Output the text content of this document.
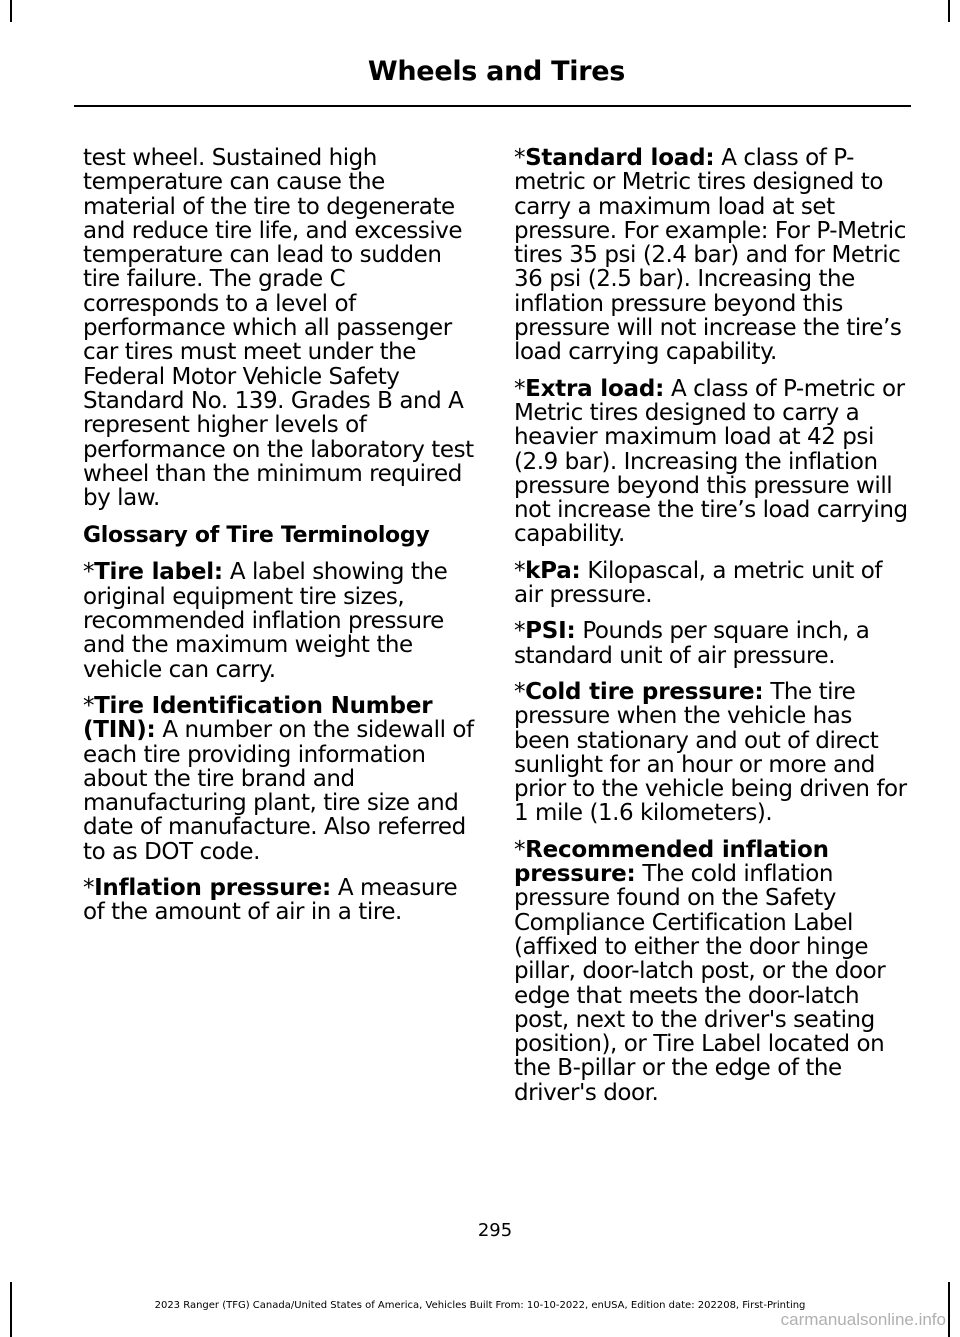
Wheels and Tires

test wheel. Sustained high temperature can cause the material of the tire to degenerate and reduce tire life, and excessive temperature can lead to sudden tire failure. The grade C corresponds to a level of performance which all passenger car tires must meet under the Federal Motor Vehicle Safety Standard No. 139. Grades B and A represent higher levels of performance on the laboratory test wheel than the minimum required by law.

Glossary of Tire Terminology

*Tire label: A label showing the original equipment tire sizes, recommended inflation pressure and the maximum weight the vehicle can carry.

*Tire Identification Number (TIN): A number on the sidewall of each tire providing information about the tire brand and manufacturing plant, tire size and date of manufacture. Also referred to as DOT code.

*Inflation pressure: A measure of the amount of air in a tire.

*Standard load: A class of P-metric or Metric tires designed to carry a maximum load at set pressure. For example: For P-Metric tires 35 psi (2.4 bar) and for Metric 36 psi (2.5 bar). Increasing the inflation pressure beyond this pressure will not increase the tire’s load carrying capability.

*Extra load: A class of P-metric or Metric tires designed to carry a heavier maximum load at 42 psi (2.9 bar). Increasing the inflation pressure beyond this pressure will not increase the tire’s load carrying capability.

*kPa: Kilopascal, a metric unit of air pressure.

*PSI: Pounds per square inch, a standard unit of air pressure.

*Cold tire pressure: The tire pressure when the vehicle has been stationary and out of direct sunlight for an hour or more and prior to the vehicle being driven for 1 mile (1.6 kilometers).

*Recommended inflation pressure: The cold inflation pressure found on the Safety Compliance Certification Label (affixed to either the door hinge pillar, door-latch post, or the door edge that meets the door-latch post, next to the driver's seating position), or Tire Label located on the B-pillar or the edge of the driver's door.

295
2023 Ranger (TFG) Canada/United States of America, Vehicles Built From: 10-10-2022, enUSA, Edition date: 202208, First-Printing
carmanualsonline.info
